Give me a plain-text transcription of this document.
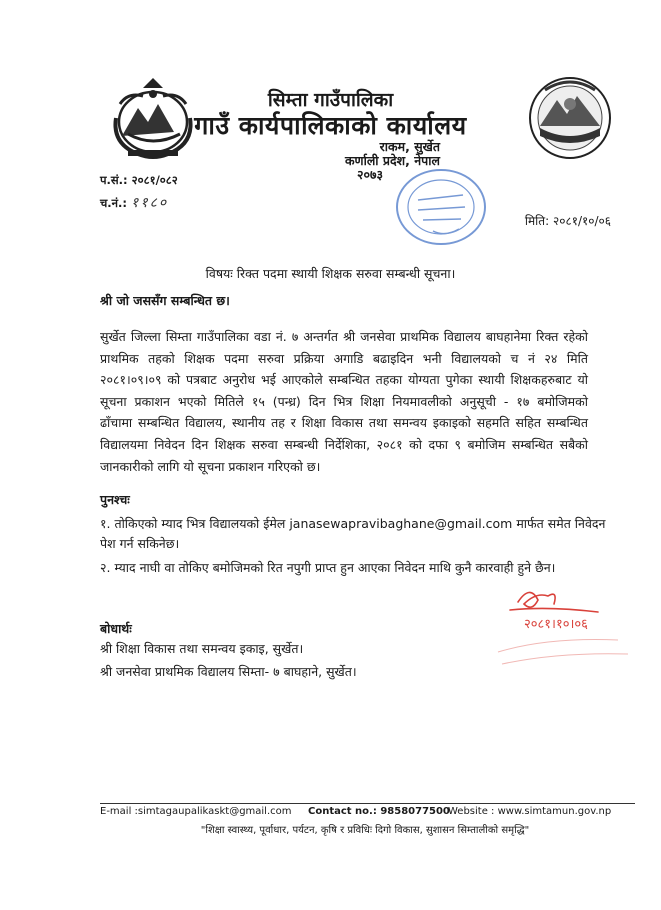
सिम्ता गाउँपालिका
गाउँ कार्यपालिकाको कार्यालय
राकम, सुर्खेत
कर्णाली प्रदेश, नेपाल
२०७३
प.सं.: २०८१/०८२
च.नं.: ११८०
मिति: २०८१/१०/०६
विषयः रिक्त पदमा स्थायी शिक्षक सरुवा सम्बन्धी सूचना।
श्री जो जससँग सम्बन्धित छ।
सुर्खेत जिल्ला सिम्ता गाउँपालिका वडा नं. ७ अन्तर्गत श्री जनसेवा प्राथमिक विद्यालय बाघहानेमा रिक्त रहेको
प्राथमिक तहको शिक्षक पदमा सरुवा प्रक्रिया अगाडि बढाइदिन भनी विद्यालयको च नं २४ मिति
२०८१।०९।०९ को पत्रबाट अनुरोध भई आएकोले सम्बन्धित तहका योग्यता पुगेका स्थायी शिक्षकहरुबाट यो
सूचना प्रकाशन भएको मितिले १५ (पन्ध्र) दिन भित्र शिक्षा नियमावलीको अनुसूची - १७ बमोजिमको
ढाँचामा सम्बन्धित विद्यालय, स्थानीय तह र शिक्षा विकास तथा समन्वय इकाइको सहमति सहित सम्बन्धित
विद्यालयमा निवेदन दिन शिक्षक सरुवा सम्बन्धी निर्देशिका, २०८१ को दफा ९ बमोजिम सम्बन्धित सबैको
जानकारीको लागि यो सूचना प्रकाशन गरिएको छ।
पुनश्चः
१. तोकिएको म्याद भित्र विद्यालयको ईमेल janasewapravibaghane@gmail.com मार्फत समेत निवेदन
पेश गर्न सकिनेछ।
२. म्याद नाघी वा तोकिए बमोजिमको रित नपुगी प्राप्त हुन आएका निवेदन माथि कुनै कारवाही हुने छैन।
२०८१।१०।०६
बोधार्थः
श्री शिक्षा विकास तथा समन्वय इकाइ, सुर्खेत।
श्री जनसेवा प्राथमिक विद्यालय सिम्ता- ७ बाघहाने, सुर्खेत।
E-mail :simtagaupalikaskt@gmail.com Contact no.: 9858077500
Website : www.simtamun.gov.np
"शिक्षा स्वास्थ्य, पूर्वाधार, पर्यटन, कृषि र प्रविधिः दिगो विकास, सुशासन सिम्तालीको समृद्धि"
